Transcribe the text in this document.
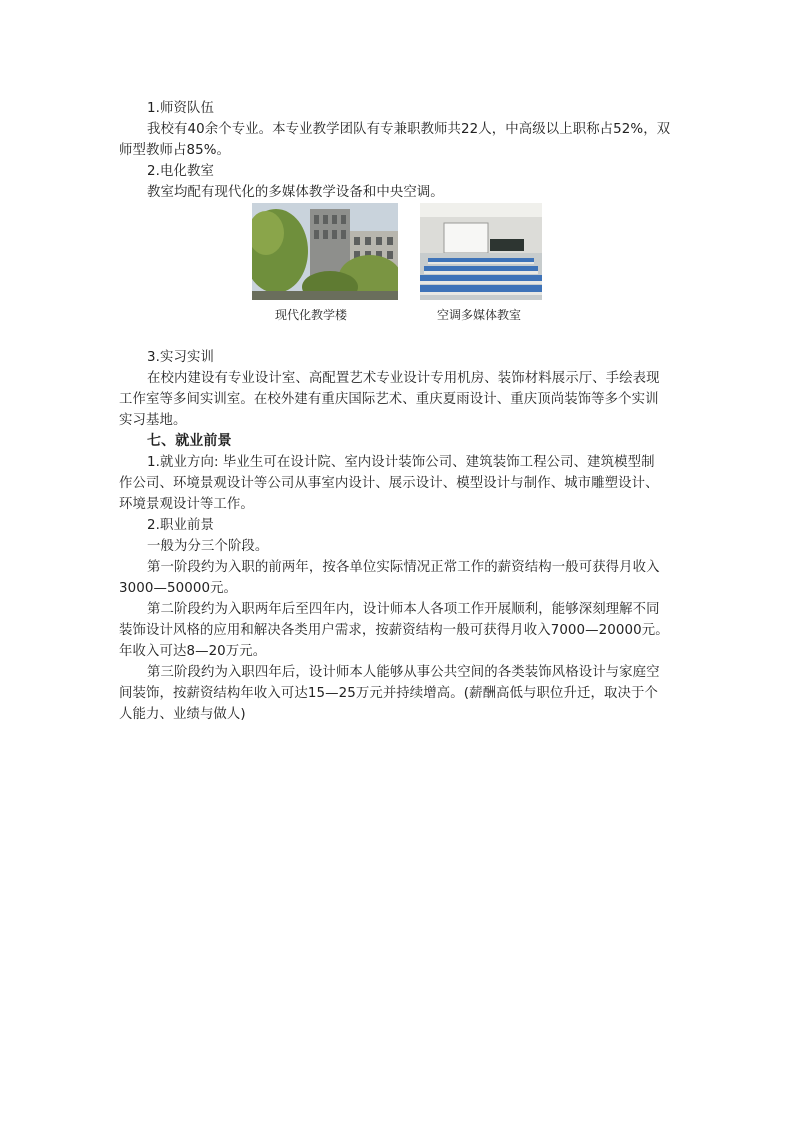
1.师资队伍
我校有40余个专业。本专业教学团队有专兼职教师共22人，中高级以上职称占52%，双
师型教师占85%。
2.电化教室
教室均配有现代化的多媒体教学设备和中央空调。
现代化教学楼	空调多媒体教室
3.实习实训
在校内建设有专业设计室、高配置艺术专业设计专用机房、装饰材料展示厅、手绘表现
工作室等多间实训室。在校外建有重庆国际艺术、重庆夏雨设计、重庆顶尚装饰等多个实训
实习基地。
七、就业前景
1.就业方向: 毕业生可在设计院、室内设计装饰公司、建筑装饰工程公司、建筑模型制
作公司、环境景观设计等公司从事室内设计、展示设计、模型设计与制作、城市雕塑设计、
环境景观设计等工作。
2.职业前景
一般为分三个阶段。
第一阶段约为入职的前两年，按各单位实际情况正常工作的薪资结构一般可获得月收入
3000—50000元。
第二阶段约为入职两年后至四年内，设计师本人各项工作开展顺利，能够深刻理解不同
装饰设计风格的应用和解决各类用户需求，按薪资结构一般可获得月收入7000—20000元。
年收入可达8—20万元。
第三阶段约为入职四年后，设计师本人能够从事公共空间的各类装饰风格设计与家庭空
间装饰，按薪资结构年收入可达15—25万元并持续增高。(薪酬高低与职位升迁，取决于个
人能力、业绩与做人)
